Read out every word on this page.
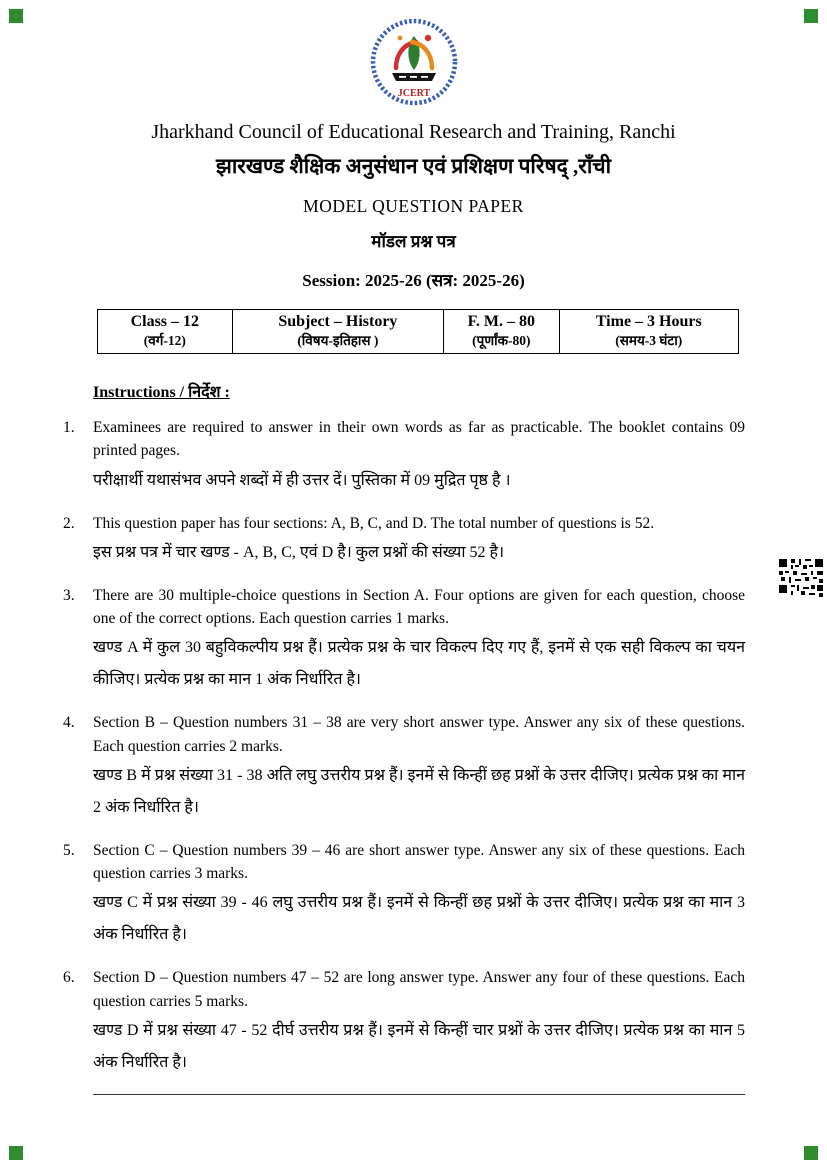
JCERT
Jharkhand Council of Educational Research and Training, Ranchi
झारखण्ड शैक्षिक अनुसंधान एवं प्रशिक्षण परिषद् ,राँची
MODEL QUESTION PAPER
मॉडल प्रश्न पत्र
Session: 2025-26 (सत्र: 2025-26)
Class – 12
(वर्ग-12)

Subject – History
(विषय-इतिहास )

F. M. – 80
(पूर्णांक-80)

Time – 3 Hours
(समय-3 घंटा)
Instructions / निर्देश :
1.	Examinees are required to answer in their own words as far as practicable. The booklet contains 09 printed pages.

परीक्षार्थी यथासंभव अपने शब्दों में ही उत्तर दें। पुस्तिका में 09 मुद्रित पृष्ठ है ।

2.	This question paper has four sections: A, B, C, and D. The total number of questions is 52.

इस प्रश्न पत्र में चार खण्ड - A, B, C, एवं D है। कुल प्रश्नों की संख्या 52 है।

3.	There are 30 multiple-choice questions in Section A. Four options are given for each question, choose one of the correct options. Each question carries 1 marks.

खण्ड A में कुल 30 बहुविकल्पीय प्रश्न हैं। प्रत्येक प्रश्न के चार विकल्प दिए गए हैं, इनमें से एक सही विकल्प का चयन कीजिए। प्रत्येक प्रश्न का मान 1 अंक निर्धारित है।

4.	Section B – Question numbers 31 – 38 are very short answer type. Answer any six of these questions. Each question carries 2 marks.

खण्ड B में प्रश्न संख्या 31 - 38 अति लघु उत्तरीय प्रश्न हैं। इनमें से किन्हीं छह प्रश्नों के उत्तर दीजिए। प्रत्येक प्रश्न का मान 2 अंक निर्धारित है।

5.	Section C – Question numbers 39 – 46 are short answer type. Answer any six of these questions. Each question carries 3 marks.

खण्ड C में प्रश्न संख्या 39 - 46 लघु उत्तरीय प्रश्न हैं। इनमें से किन्हीं छह प्रश्नों के उत्तर दीजिए। प्रत्येक प्रश्न का मान 3 अंक निर्धारित है।

6.	Section D – Question numbers 47 – 52 are long answer type. Answer any four of these questions. Each question carries 5 marks.

खण्ड D में प्रश्न संख्या 47 - 52 दीर्घ उत्तरीय प्रश्न हैं। इनमें से किन्हीं चार प्रश्नों के उत्तर दीजिए। प्रत्येक प्रश्न का मान 5 अंक निर्धारित है।
